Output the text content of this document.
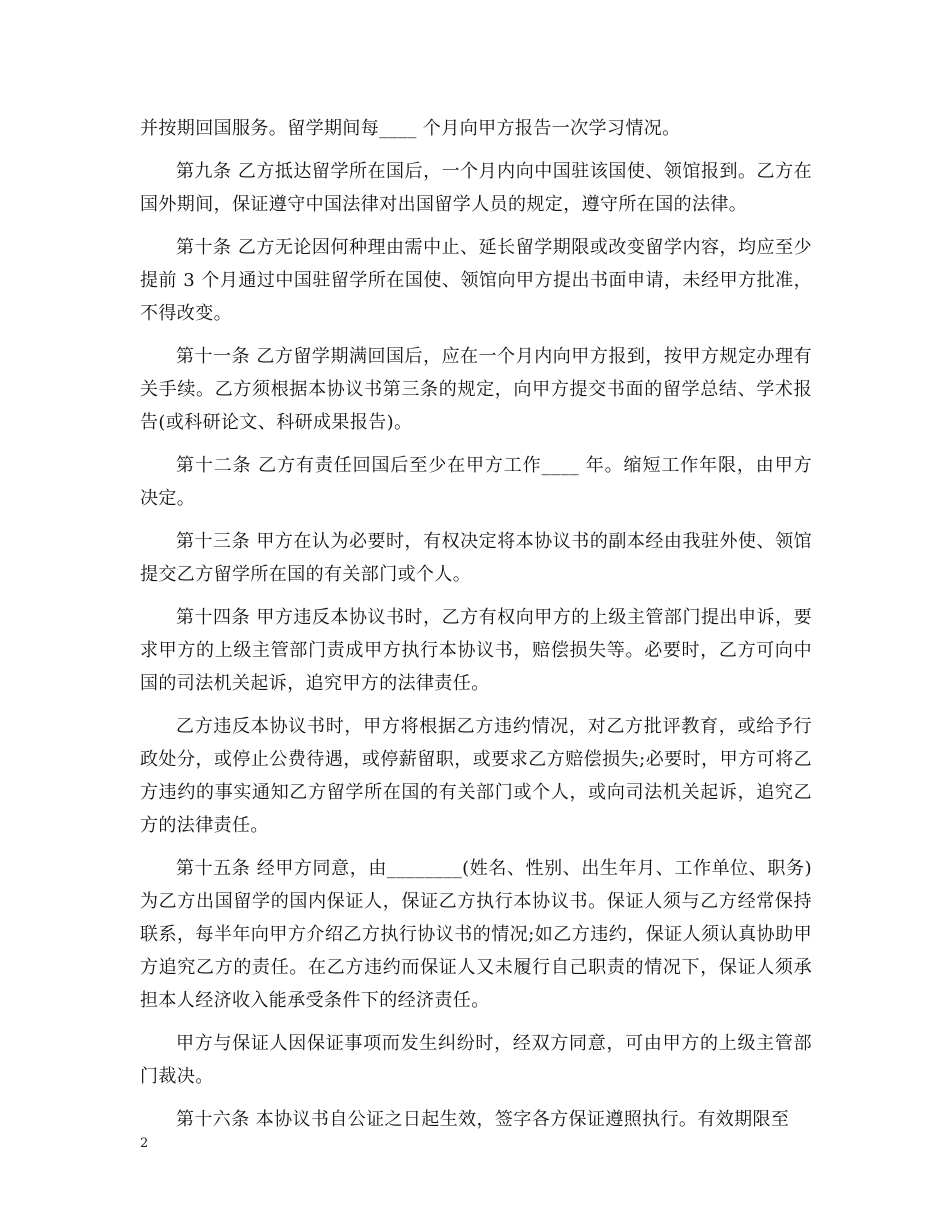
并按期回国服务。留学期间每____ 个月向甲方报告一次学习情况。

第九条 乙方抵达留学所在国后，一个月内向中国驻该国使、领馆报到。乙方在国外期间，保证遵守中国法律对出国留学人员的规定，遵守所在国的法律。

第十条 乙方无论因何种理由需中止、延长留学期限或改变留学内容，均应至少提前 3 个月通过中国驻留学所在国使、领馆向甲方提出书面申请，未经甲方批准，不得改变。

第十一条 乙方留学期满回国后，应在一个月内向甲方报到，按甲方规定办理有关手续。乙方须根据本协议书第三条的规定，向甲方提交书面的留学总结、学术报告(或科研论文、科研成果报告)。

第十二条 乙方有责任回国后至少在甲方工作____ 年。缩短工作年限，由甲方决定。

第十三条 甲方在认为必要时，有权决定将本协议书的副本经由我驻外使、领馆提交乙方留学所在国的有关部门或个人。

第十四条 甲方违反本协议书时，乙方有权向甲方的上级主管部门提出申诉，要求甲方的上级主管部门责成甲方执行本协议书，赔偿损失等。必要时，乙方可向中国的司法机关起诉，追究甲方的法律责任。

乙方违反本协议书时，甲方将根据乙方违约情况，对乙方批评教育，或给予行政处分，或停止公费待遇，或停薪留职，或要求乙方赔偿损失;必要时，甲方可将乙方违约的事实通知乙方留学所在国的有关部门或个人，或向司法机关起诉，追究乙方的法律责任。

第十五条 经甲方同意，由________(姓名、性别、出生年月、工作单位、职务)为乙方出国留学的国内保证人，保证乙方执行本协议书。保证人须与乙方经常保持联系，每半年向甲方介绍乙方执行协议书的情况;如乙方违约，保证人须认真协助甲方追究乙方的责任。在乙方违约而保证人又未履行自己职责的情况下，保证人须承担本人经济收入能承受条件下的经济责任。

甲方与保证人因保证事项而发生纠纷时，经双方同意，可由甲方的上级主管部门裁决。

第十六条 本协议书自公证之日起生效，签字各方保证遵照执行。有效期限至

2
